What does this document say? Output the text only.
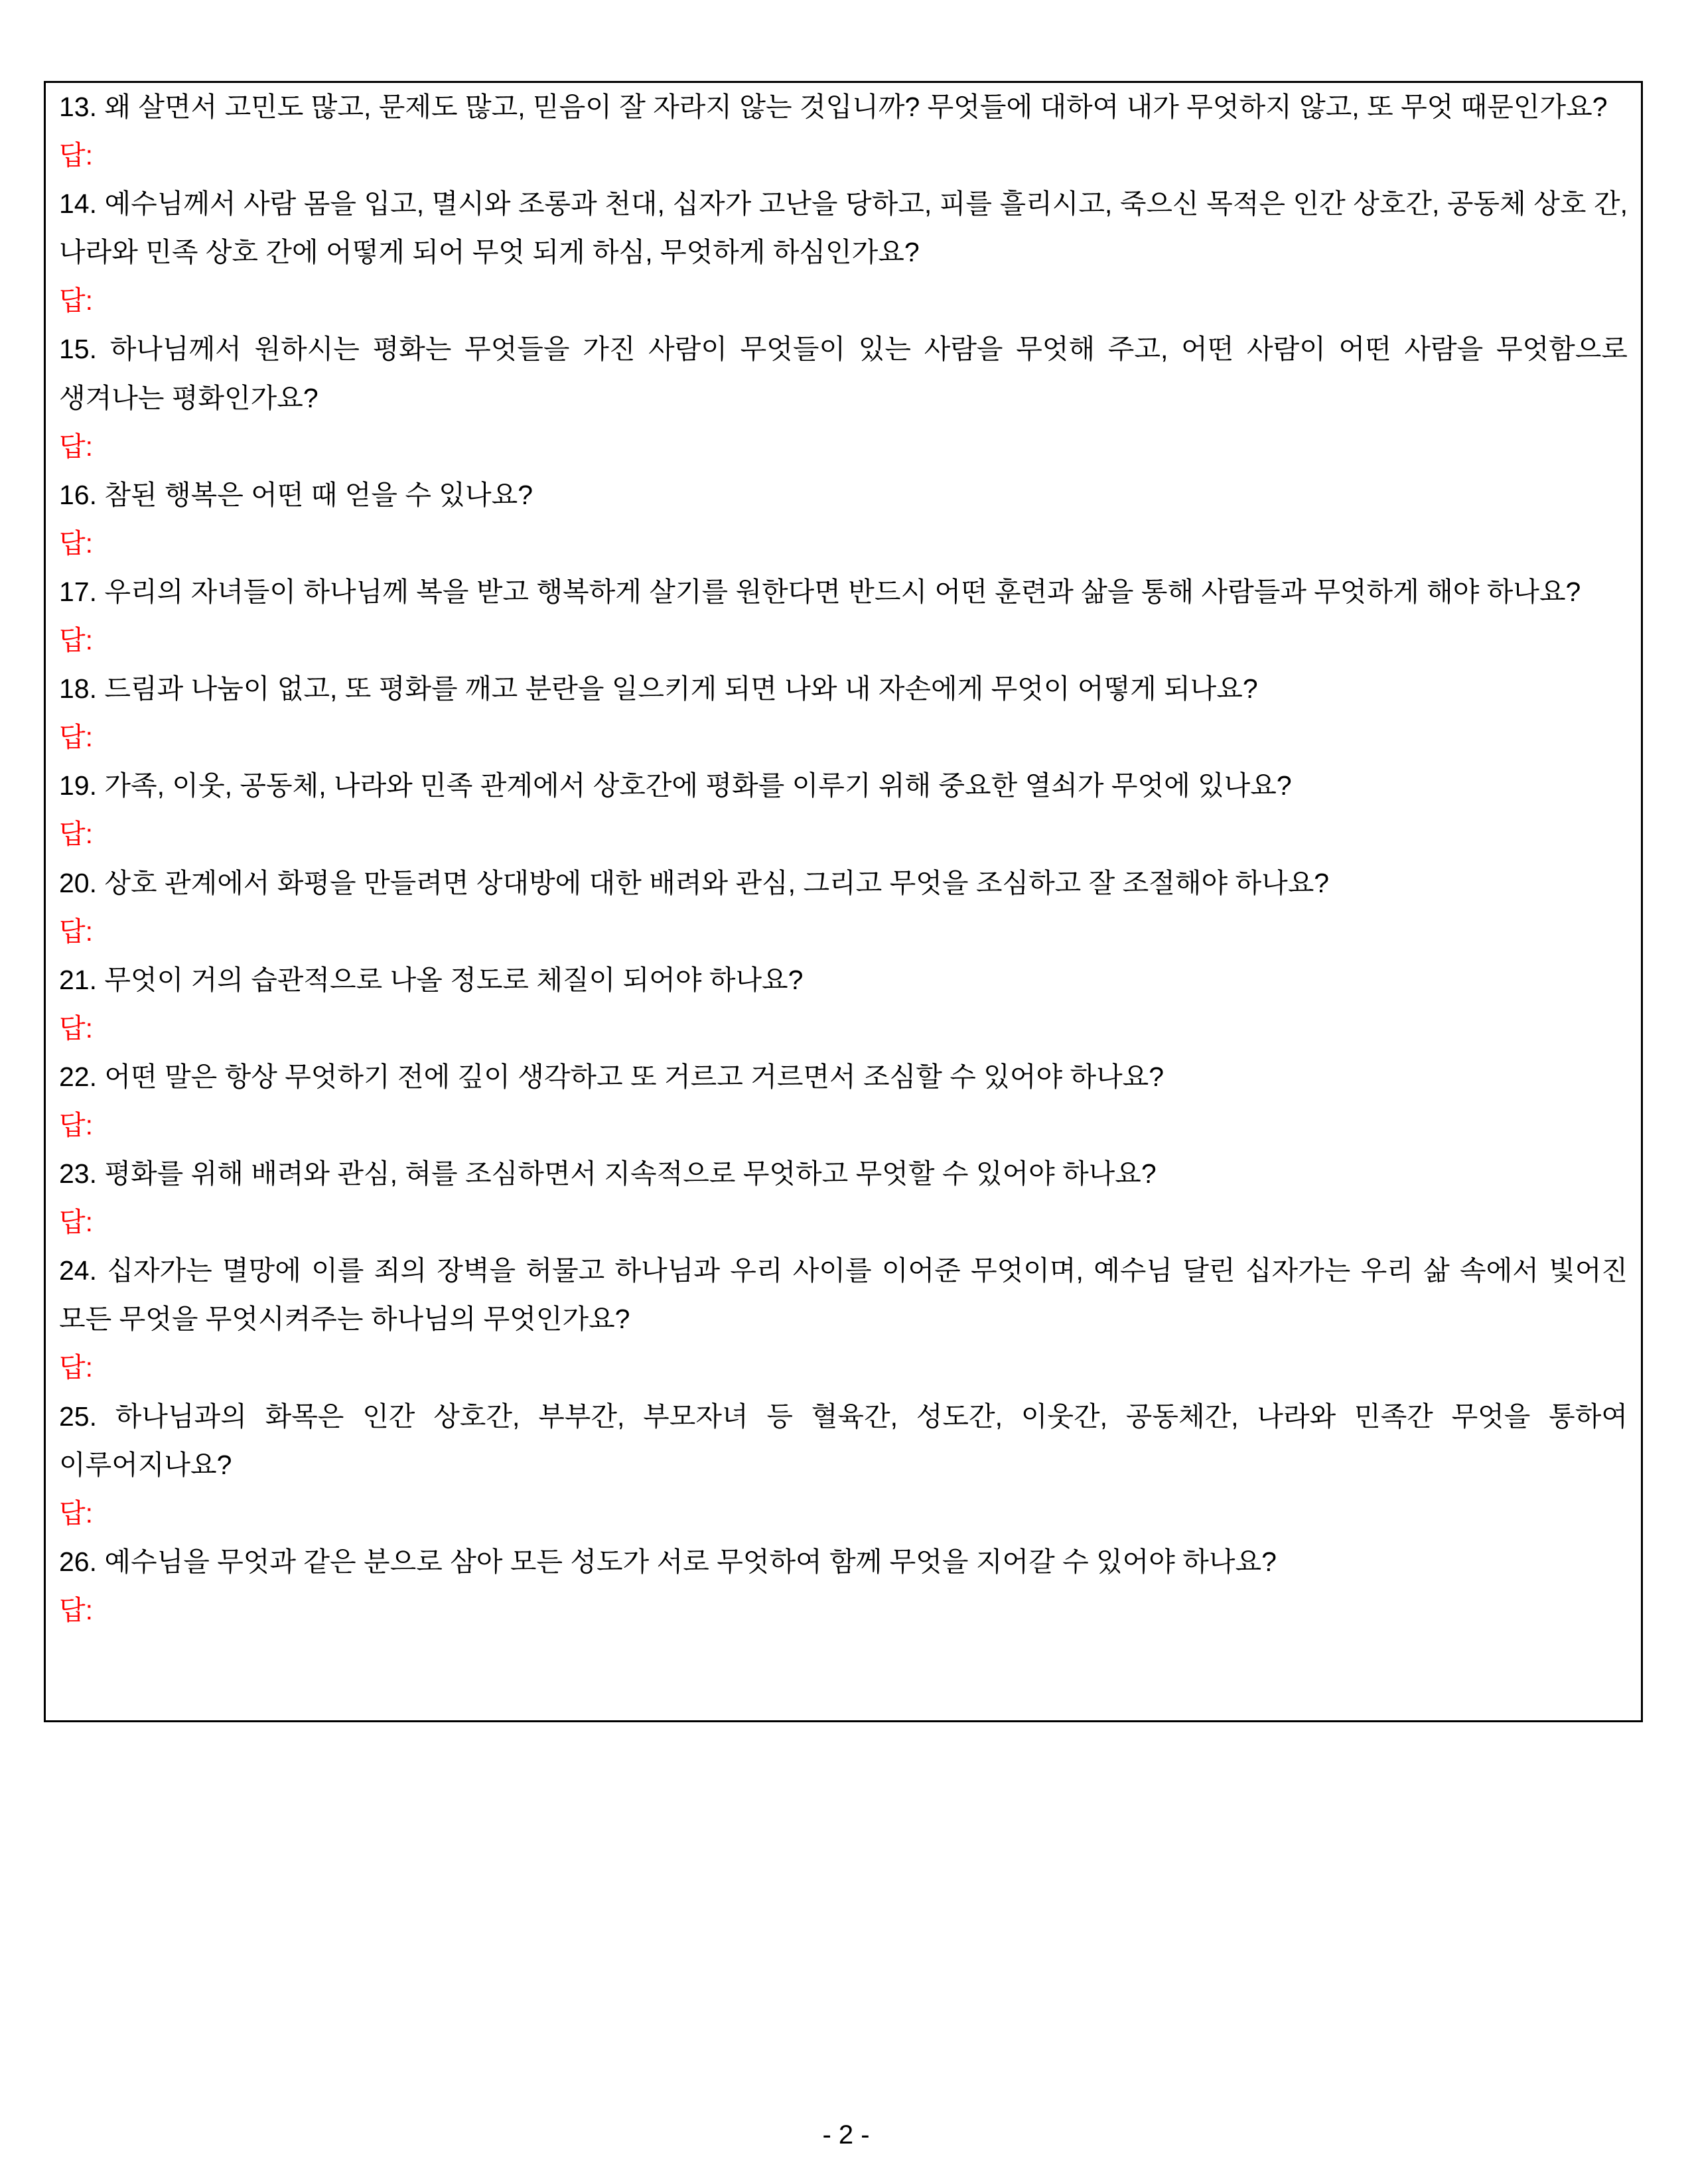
13. 왜 살면서 고민도 많고, 문제도 많고, 믿음이 잘 자라지 않는 것입니까? 무엇들에 대하여 내가 무엇하지 않고, 또 무엇 때문인가요?

답:

14. 예수님께서 사람 몸을 입고, 멸시와 조롱과 천대, 십자가 고난을 당하고, 피를 흘리시고, 죽으신 목적은 인간 상호간, 공동체 상호 간, 나라와 민족 상호 간에 어떻게 되어 무엇 되게 하심, 무엇하게 하심인가요?

답:

15. 하나님께서 원하시는 평화는 무엇들을 가진 사람이 무엇들이 있는 사람을 무엇해 주고, 어떤 사람이 어떤 사람을 무엇함으로 생겨나는 평화인가요?

답:

16. 참된 행복은 어떤 때 얻을 수 있나요?

답:

17. 우리의 자녀들이 하나님께 복을 받고 행복하게 살기를 원한다면 반드시 어떤 훈련과 삶을 통해 사람들과 무엇하게 해야 하나요?

답:

18. 드림과 나눔이 없고, 또 평화를 깨고 분란을 일으키게 되면 나와 내 자손에게 무엇이 어떻게 되나요?

답:

19. 가족, 이웃, 공동체, 나라와 민족 관계에서 상호간에 평화를 이루기 위해 중요한 열쇠가 무엇에 있나요?

답:

20. 상호 관계에서 화평을 만들려면 상대방에 대한 배려와 관심, 그리고 무엇을 조심하고 잘 조절해야 하나요?

답:

21. 무엇이 거의 습관적으로 나올 정도로 체질이 되어야 하나요?

답:

22. 어떤 말은 항상 무엇하기 전에 깊이 생각하고 또 거르고 거르면서 조심할 수 있어야 하나요?

답:

23. 평화를 위해 배려와 관심, 혀를 조심하면서 지속적으로 무엇하고 무엇할 수 있어야 하나요?

답:

24. 십자가는 멸망에 이를 죄의 장벽을 허물고 하나님과 우리 사이를 이어준 무엇이며, 예수님 달린 십자가는 우리 삶 속에서 빛어진 모든 무엇을 무엇시켜주는 하나님의 무엇인가요?

답:

25. 하나님과의 화목은 인간 상호간, 부부간, 부모자녀 등 혈육간, 성도간, 이웃간, 공동체간, 나라와 민족간 무엇을 통하여 이루어지나요?

답:

26. 예수님을 무엇과 같은 분으로 삼아 모든 성도가 서로 무엇하여 함께 무엇을 지어갈 수 있어야 하나요?

답:

- 2 -
